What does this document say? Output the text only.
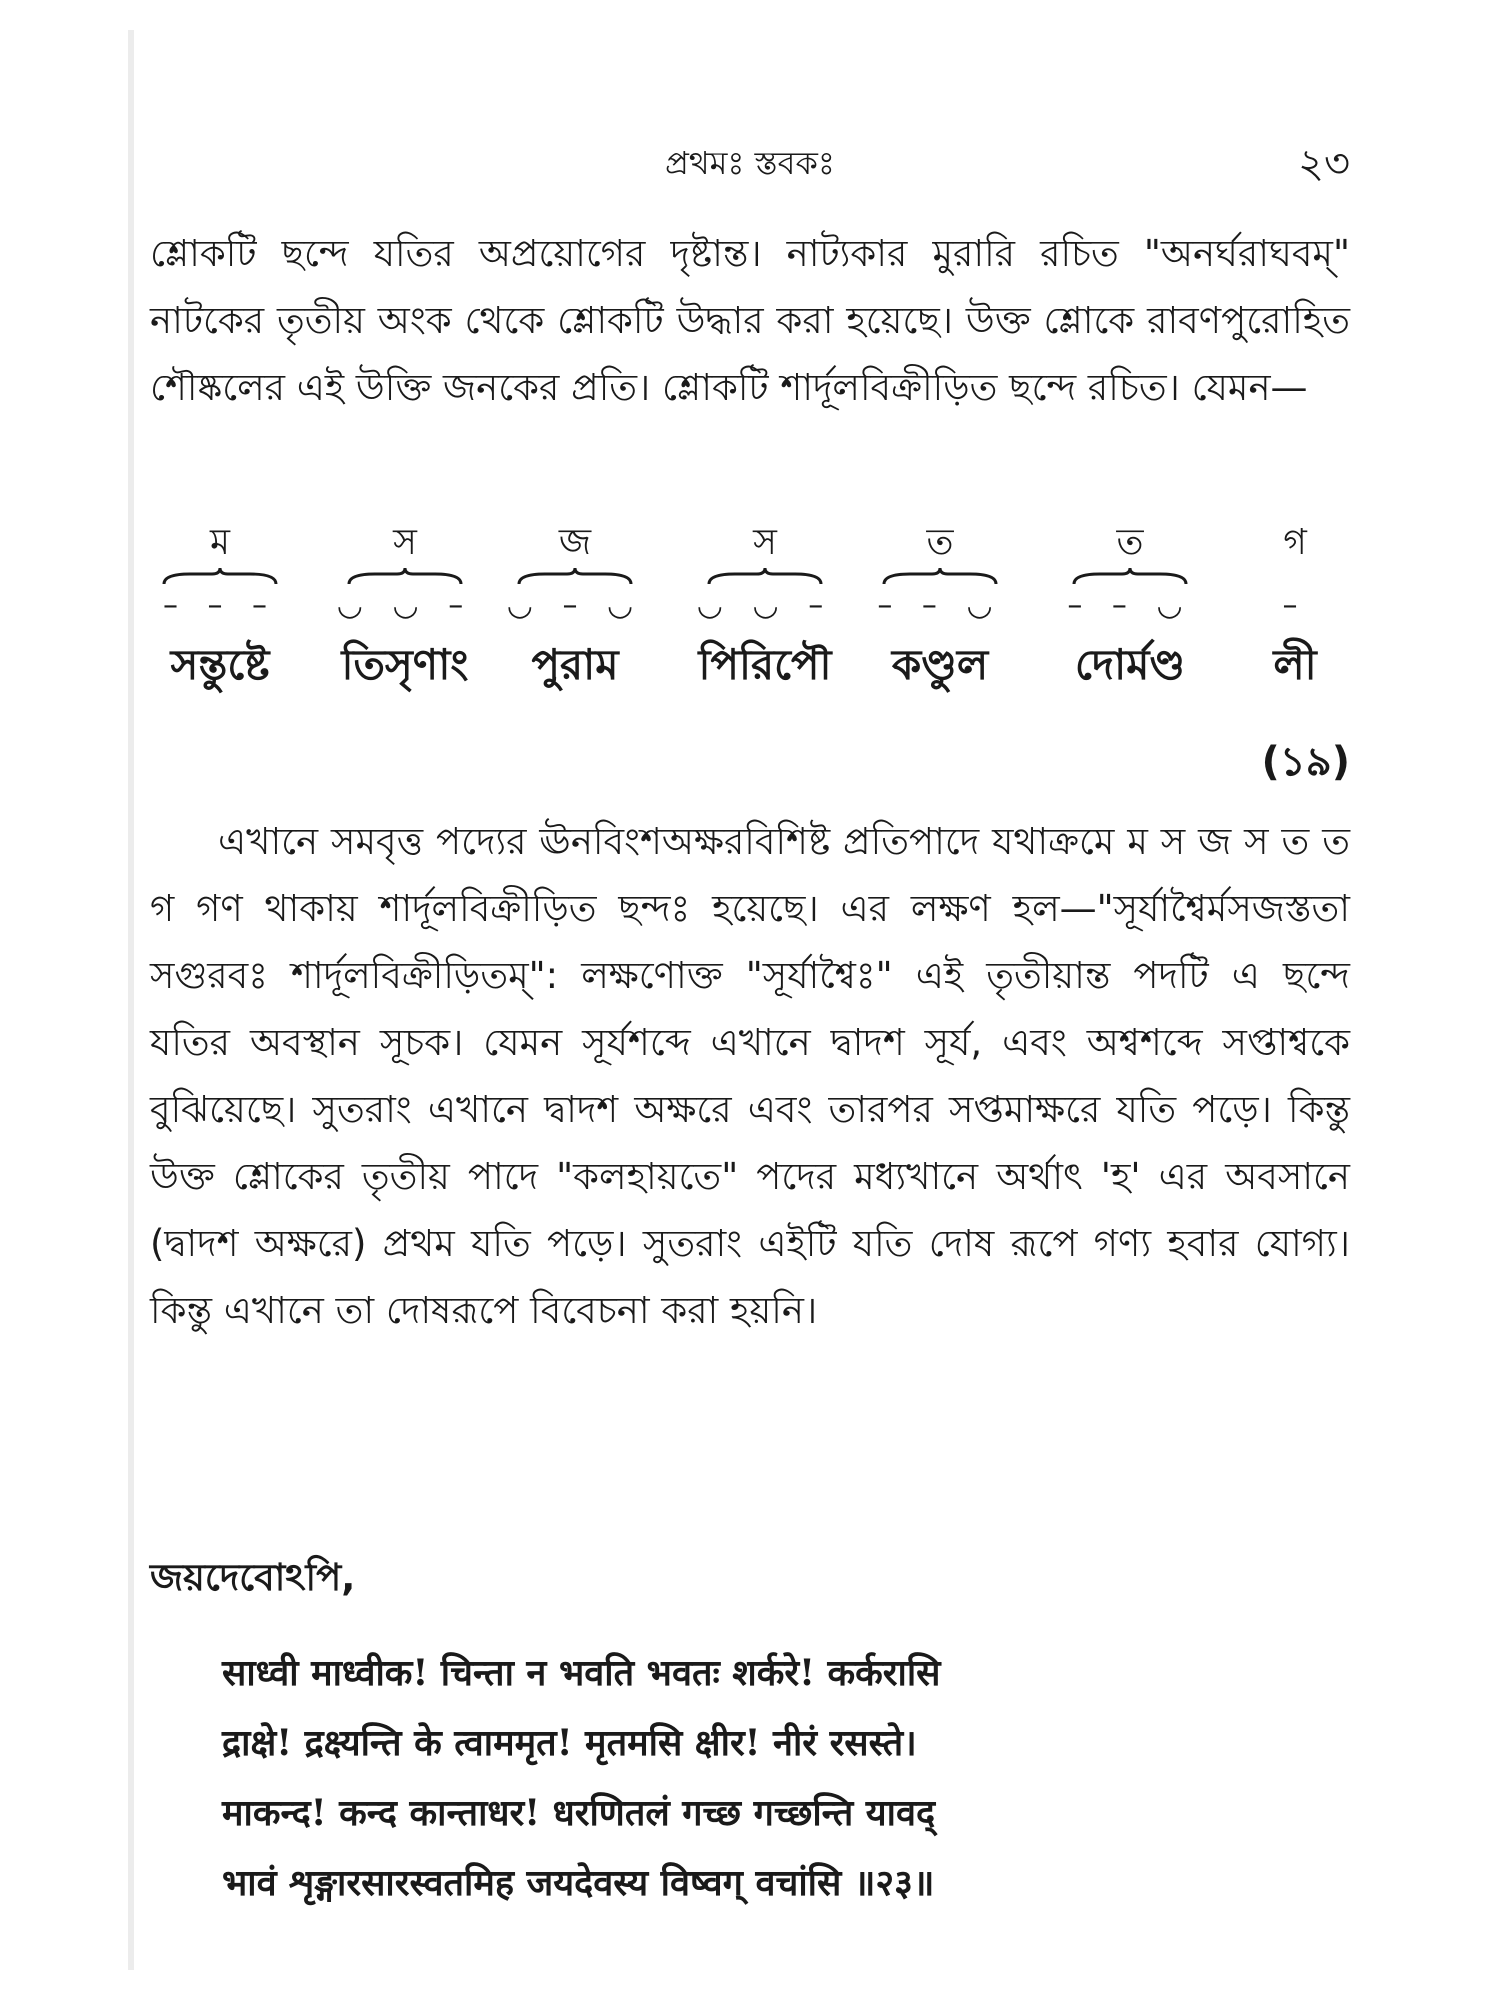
প্রথমঃ স্তবকঃ	২৩

শ্লোকটি ছন্দে যতির অপ্রয়োগের দৃষ্টান্ত। নাট্যকার মুরারি রচিত "অনর্ঘরাঘবম্" নাটকের তৃতীয় অংক থেকে শ্লোকটি উদ্ধার করা হয়েছে। উক্ত শ্লোকে রাবণপুরোহিত শৌষ্কলের এই উক্তি জনকের প্রতি। শ্লোকটি শার্দূলবিক্রীড়িত ছন্দে রচিত। যেমন—

ম
– – –
সন্তুষ্টে
স
◡ ◡ –
তিসৃণাং
জ
◡ – ◡
পুরাম
স
◡ ◡ –
পিরিপৌ
ত
– – ◡
কণ্ডুল
ত
– – ◡
দোর্মণ্ড
গ
–
লী
(১৯)

এখানে সমবৃত্ত পদ্যের ঊনবিংশঅক্ষরবিশিষ্ট প্রতিপাদে যথাক্রমে ম স জ স ত ত গ গণ থাকায় শার্দূলবিক্রীড়িত ছন্দঃ হয়েছে। এর লক্ষণ হল—"সূর্যাশ্বৈর্মসজস্ততা সগুরবঃ শার্দূলবিক্রীড়িতম্": লক্ষণোক্ত "সূর্যাশ্বৈঃ" এই তৃতীয়ান্ত পদটি এ ছন্দে যতির অবস্থান সূচক। যেমন সূর্যশব্দে এখানে দ্বাদশ সূর্য, এবং অশ্বশব্দে সপ্তাশ্বকে বুঝিয়েছে। সুতরাং এখানে দ্বাদশ অক্ষরে এবং তারপর সপ্তমাক্ষরে যতি পড়ে। কিন্তু উক্ত শ্লোকের তৃতীয় পাদে "কলহায়তে" পদের মধ্যখানে অর্থাৎ 'হ' এর অবসানে (দ্বাদশ অক্ষরে) প্রথম যতি পড়ে। সুতরাং এইটি যতি দোষ রূপে গণ্য হবার যোগ্য। কিন্তু এখানে তা দোষরূপে বিবেচনা করা হয়নি।

জয়দেবোঽপি,
साध्वी माध्वीक! चिन्ता न भवति भवतः शर्करे! कर्करासि
द्राक्षे! द्रक्ष्यन्ति के त्वाममृत! मृतमसि क्षीर! नीरं रसस्ते।
माकन्द! कन्द कान्ताधर! धरणितलं गच्छ गच्छन्ति यावद्
भावं शृङ्गारसारस्वतमिह जयदेवस्य विष्वग् वचांसि ॥२३॥
